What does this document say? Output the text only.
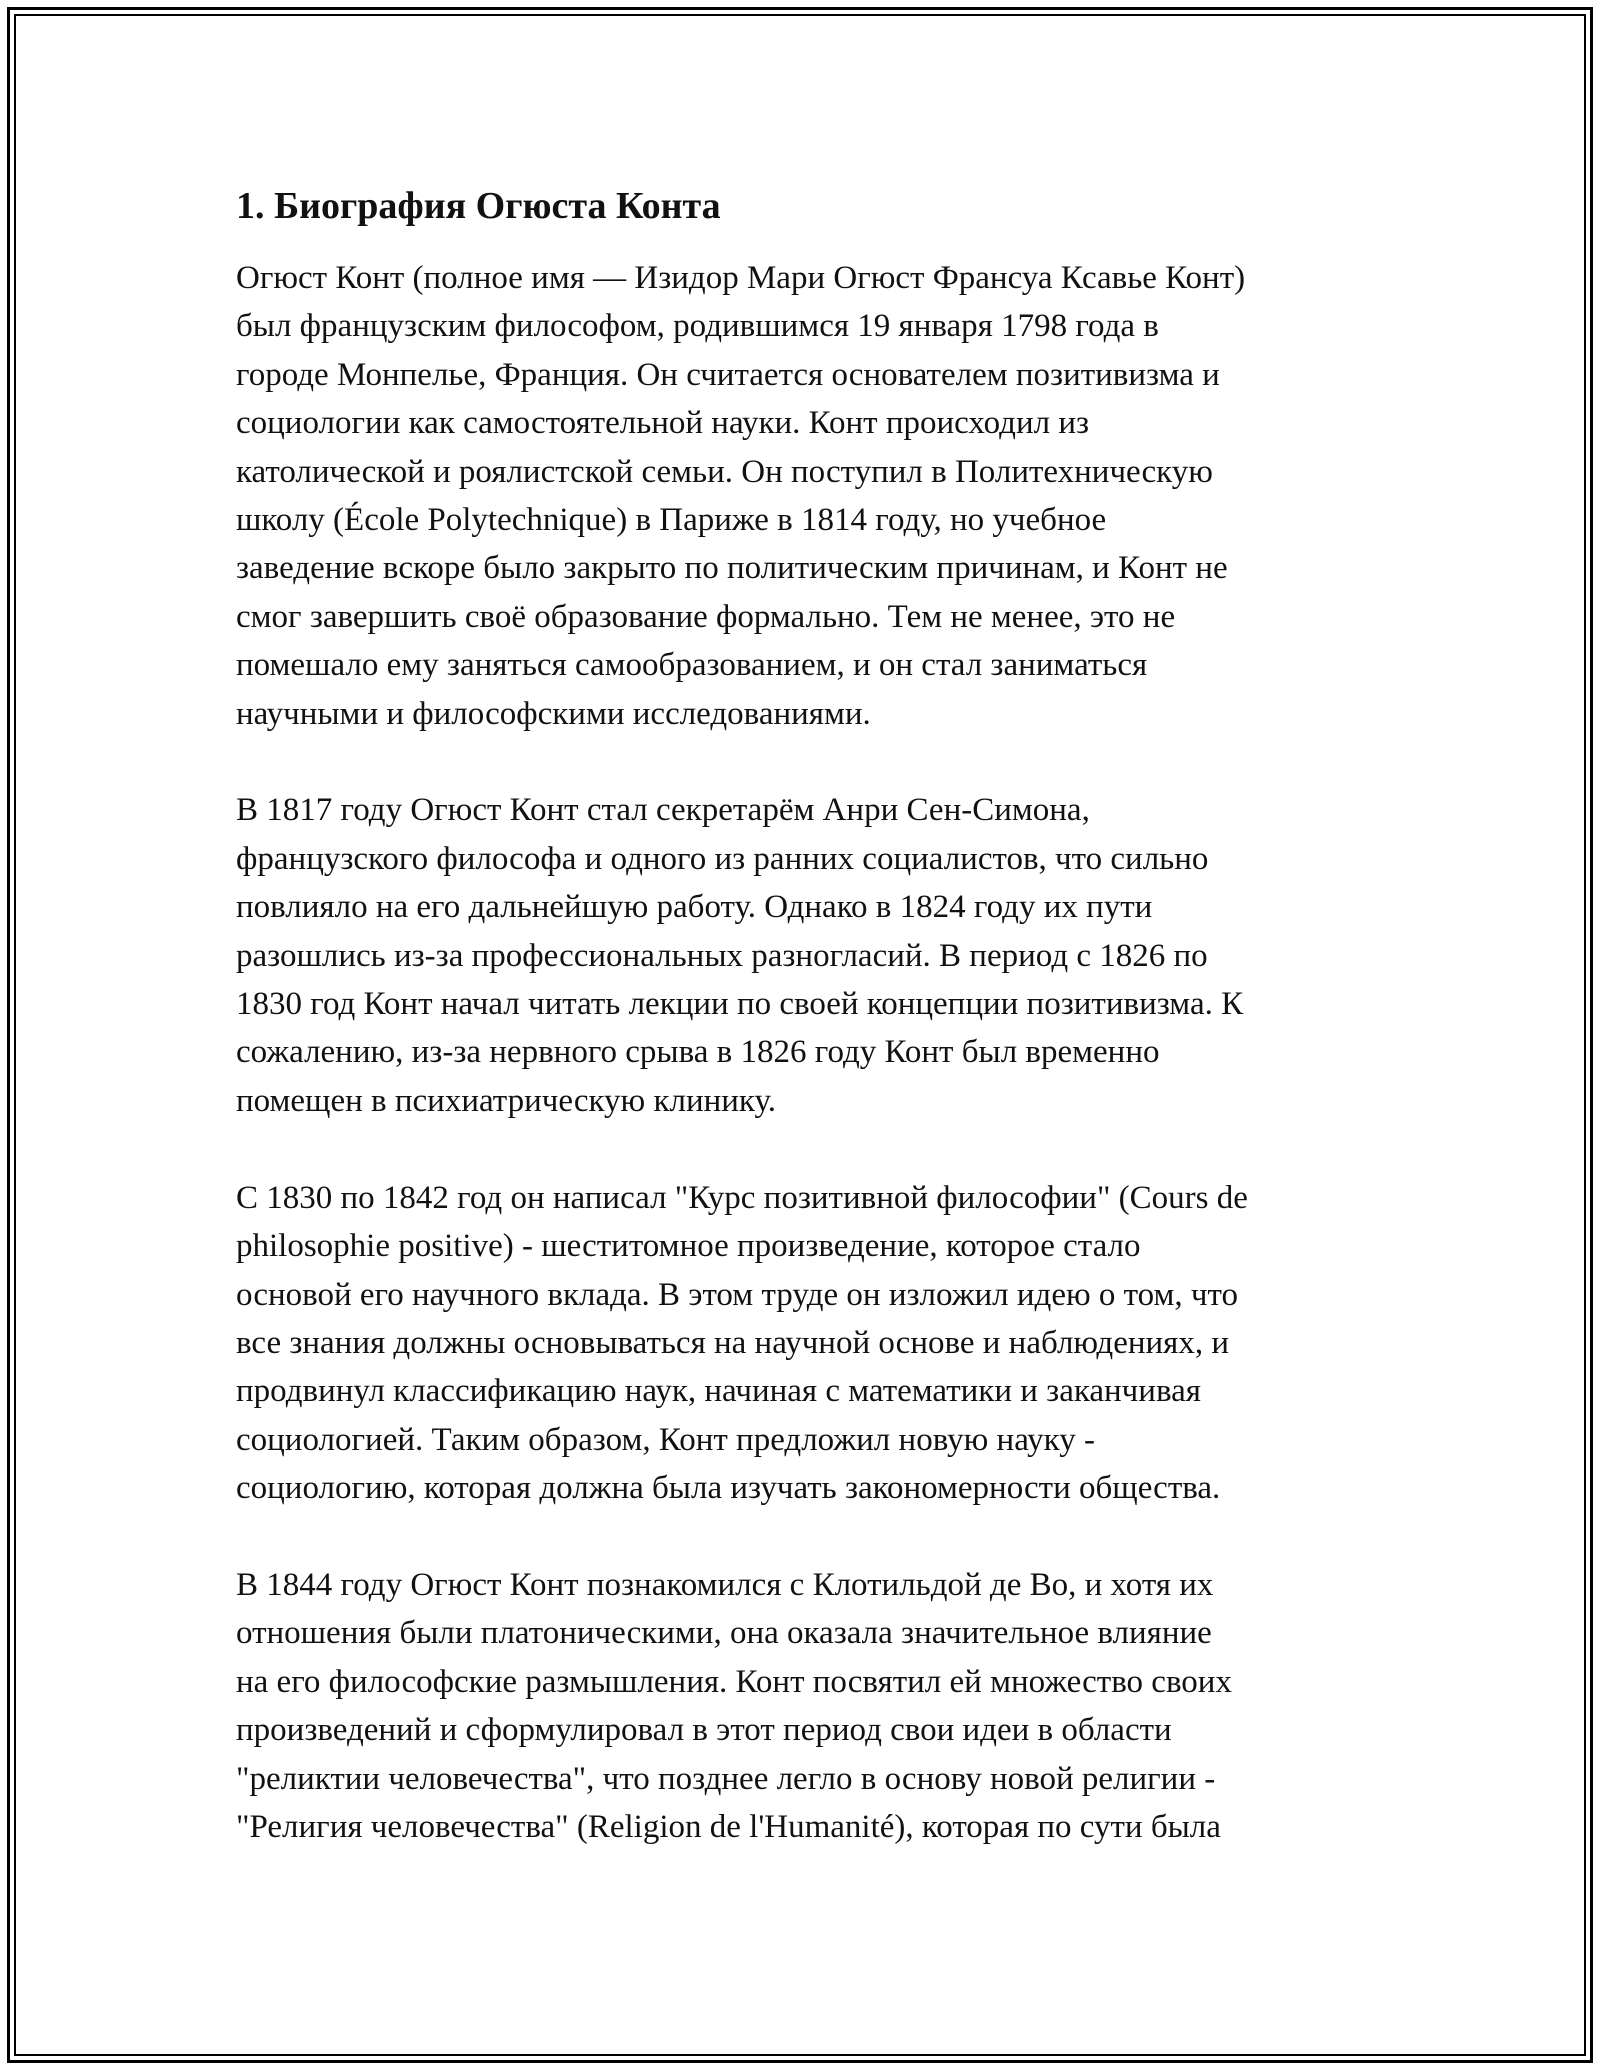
1. Биография Огюста Конта
Огюст Конт (полное имя — Изидор Мари Огюст Франсуа Ксавье Конт)
был французским философом, родившимся 19 января 1798 года в
городе Монпелье, Франция. Он считается основателем позитивизма и
социологии как самостоятельной науки. Конт происходил из
католической и роялистской семьи. Он поступил в Политехническую
школу (École Polytechnique) в Париже в 1814 году, но учебное
заведение вскоре было закрыто по политическим причинам, и Конт не
смог завершить своё образование формально. Тем не менее, это не
помешало ему заняться самообразованием, и он стал заниматься
научными и философскими исследованиями.
В 1817 году Огюст Конт стал секретарём Анри Сен-Симона,
французского философа и одного из ранних социалистов, что сильно
повлияло на его дальнейшую работу. Однако в 1824 году их пути
разошлись из-за профессиональных разногласий. В период с 1826 по
1830 год Конт начал читать лекции по своей концепции позитивизма. К
сожалению, из-за нервного срыва в 1826 году Конт был временно
помещен в психиатрическую клинику.
С 1830 по 1842 год он написал "Курс позитивной философии" (Cours de
philosophie positive) - шеститомное произведение, которое стало
основой его научного вклада. В этом труде он изложил идею о том, что
все знания должны основываться на научной основе и наблюдениях, и
продвинул классификацию наук, начиная с математики и заканчивая
социологией. Таким образом, Конт предложил новую науку -
социологию, которая должна была изучать закономерности общества.
В 1844 году Огюст Конт познакомился с Клотильдой де Во, и хотя их
отношения были платоническими, она оказала значительное влияние
на его философские размышления. Конт посвятил ей множество своих
произведений и сформулировал в этот период свои идеи в области
"реликтии человечества", что позднее легло в основу новой религии -
"Религия человечества" (Religion de l'Humanité), которая по сути была
